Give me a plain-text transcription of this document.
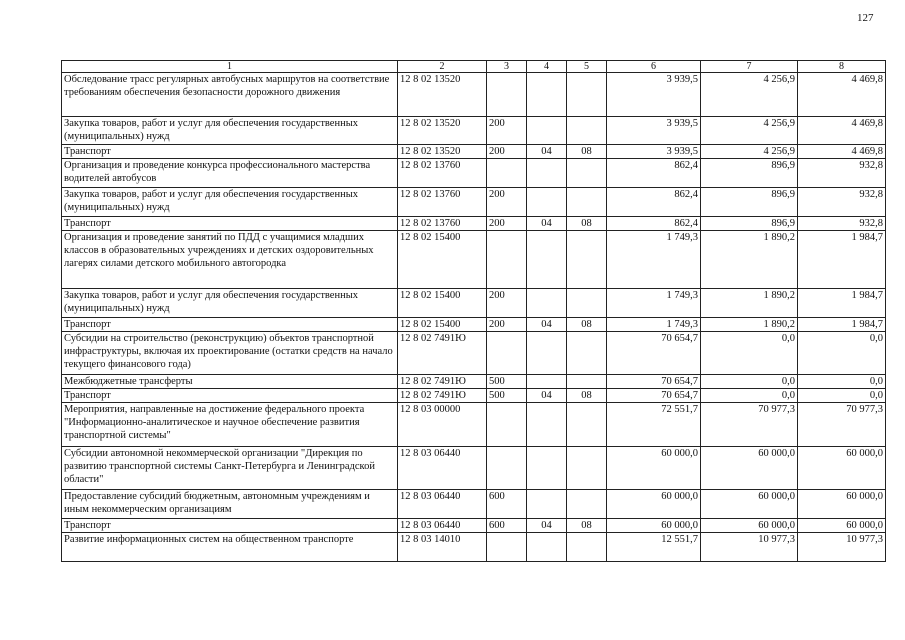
127
1	2	3	4	5	6	7	8
Обследование трасс регулярных автобусных маршрутов на соответствие требованиям обеспечения безопасности дорожного движения	12 8 02 13520				3 939,5	4 256,9	4 469,8
Закупка товаров, работ и услуг для обеспечения государственных (муниципальных) нужд	12 8 02 13520	200			3 939,5	4 256,9	4 469,8
Транспорт	12 8 02 13520	200	04	08	3 939,5	4 256,9	4 469,8
Организация и проведение конкурса профессионального мастерства водителей автобусов	12 8 02 13760				862,4	896,9	932,8
Закупка товаров, работ и услуг для обеспечения государственных (муниципальных) нужд	12 8 02 13760	200			862,4	896,9	932,8
Транспорт	12 8 02 13760	200	04	08	862,4	896,9	932,8
Организация и проведение занятий по ПДД с учащимися младших классов в образовательных учреждениях и детских оздоровительных лагерях силами детского мобильного автогородка	12 8 02 15400				1 749,3	1 890,2	1 984,7
Закупка товаров, работ и услуг для обеспечения государственных (муниципальных) нужд	12 8 02 15400	200			1 749,3	1 890,2	1 984,7
Транспорт	12 8 02 15400	200	04	08	1 749,3	1 890,2	1 984,7
Субсидии на строительство (реконструкцию) объектов транспортной инфраструктуры, включая их проектирование (остатки средств на начало текущего финансового года)	12 8 02 7491Ю				70 654,7	0,0	0,0
Межбюджетные трансферты	12 8 02 7491Ю	500			70 654,7	0,0	0,0
Транспорт	12 8 02 7491Ю	500	04	08	70 654,7	0,0	0,0
Мероприятия, направленные на достижение федерального проекта "Информационно-аналитическое и научное обеспечение развития транспортной системы"	12 8 03 00000				72 551,7	70 977,3	70 977,3
Субсидии автономной некоммерческой организации "Дирекция по развитию транспортной системы Санкт-Петербурга и Ленинградской области"	12 8 03 06440				60 000,0	60 000,0	60 000,0
Предоставление субсидий бюджетным, автономным учреждениям и иным некоммерческим организациям	12 8 03 06440	600			60 000,0	60 000,0	60 000,0
Транспорт	12 8 03 06440	600	04	08	60 000,0	60 000,0	60 000,0
Развитие информационных систем на общественном транспорте	12 8 03 14010				12 551,7	10 977,3	10 977,3
